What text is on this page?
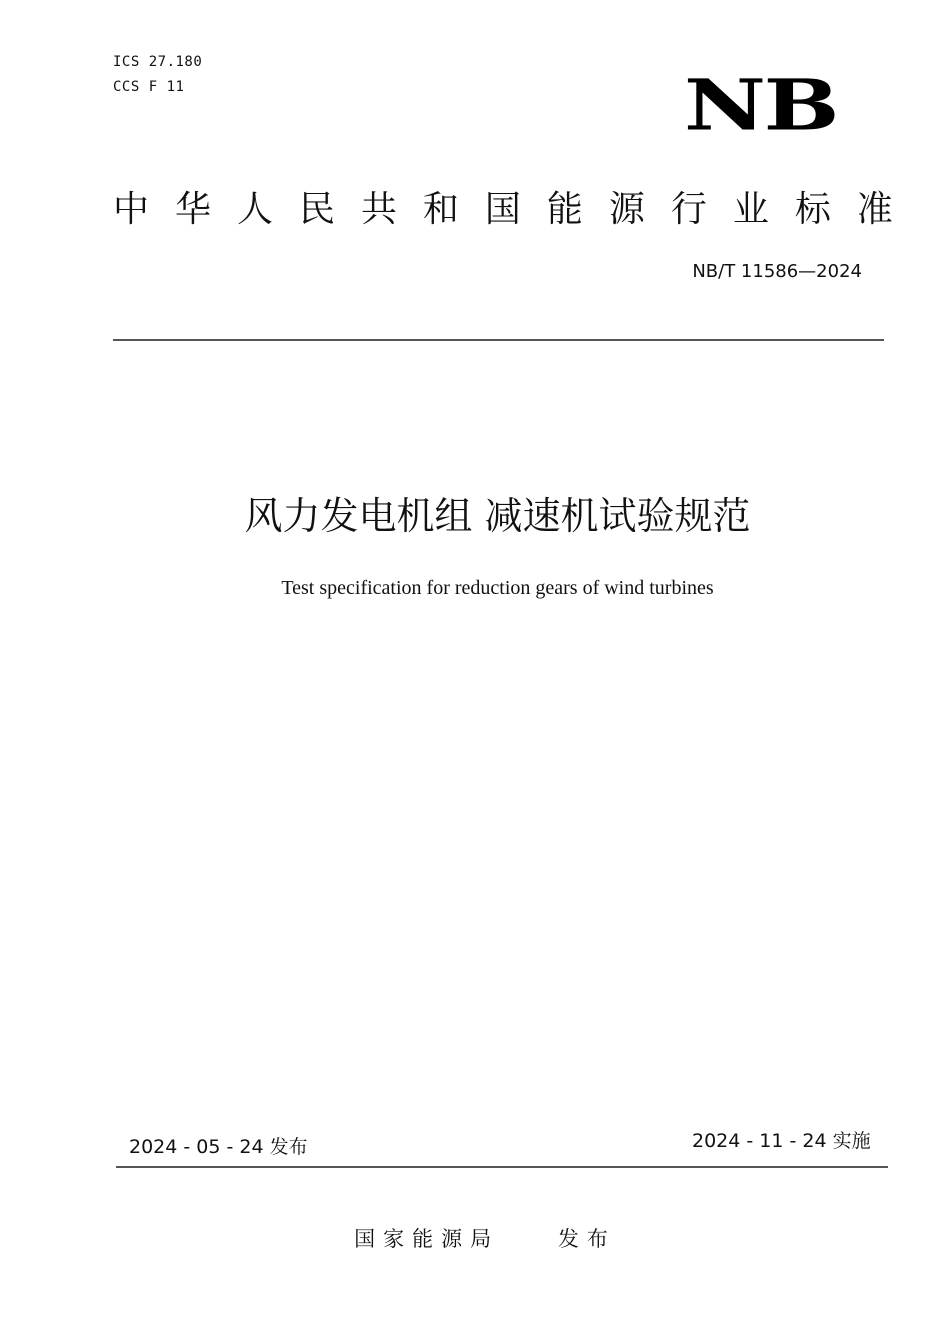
ICS 27.180
CCS F 11	NB
中 华 人 民 共 和 国 能 源 行 业 标 准
NB/T 11586—2024
风力发电机组 减速机试验规范
Test specification for reduction gears of wind turbines
2024 - 05 - 24 发布	2024 - 11 - 24 实施
国家能源局    发布
